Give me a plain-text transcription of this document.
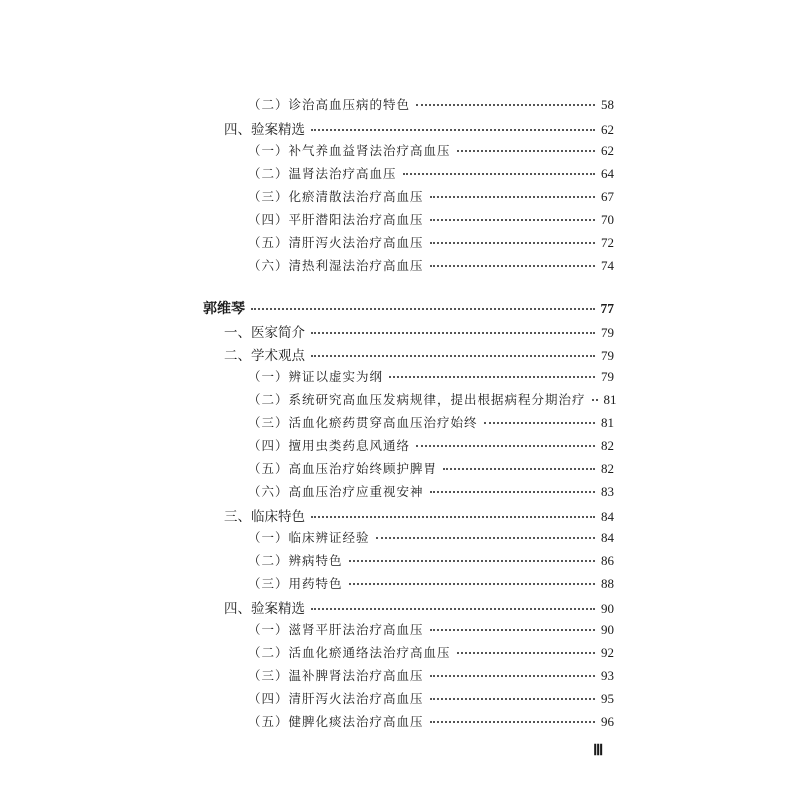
（二）诊治高血压病的特色	58
四、验案精选	62
（一）补气养血益肾法治疗高血压	62
（二）温肾法治疗高血压	64
（三）化瘀清散法治疗高血压	67
（四）平肝潜阳法治疗高血压	70
（五）清肝泻火法治疗高血压	72
（六）清热利湿法治疗高血压	74
郭维琴	77
一、医家简介	79
二、学术观点	79
（一）辨证以虚实为纲	79
（二）系统研究高血压发病规律，提出根据病程分期治疗 81
（三）活血化瘀药贯穿高血压治疗始终	81
（四）擅用虫类药息风通络	82
（五）高血压治疗始终顾护脾胃	82
（六）高血压治疗应重视安神	83
三、临床特色	84
（一）临床辨证经验	84
（二）辨病特色	86
（三）用药特色	88
四、验案精选	90
（一）滋肾平肝法治疗高血压	90
（二）活血化瘀通络法治疗高血压	92
（三）温补脾肾法治疗高血压	93
（四）清肝泻火法治疗高血压	95
（五）健脾化痰法治疗高血压	96
Ⅲ
